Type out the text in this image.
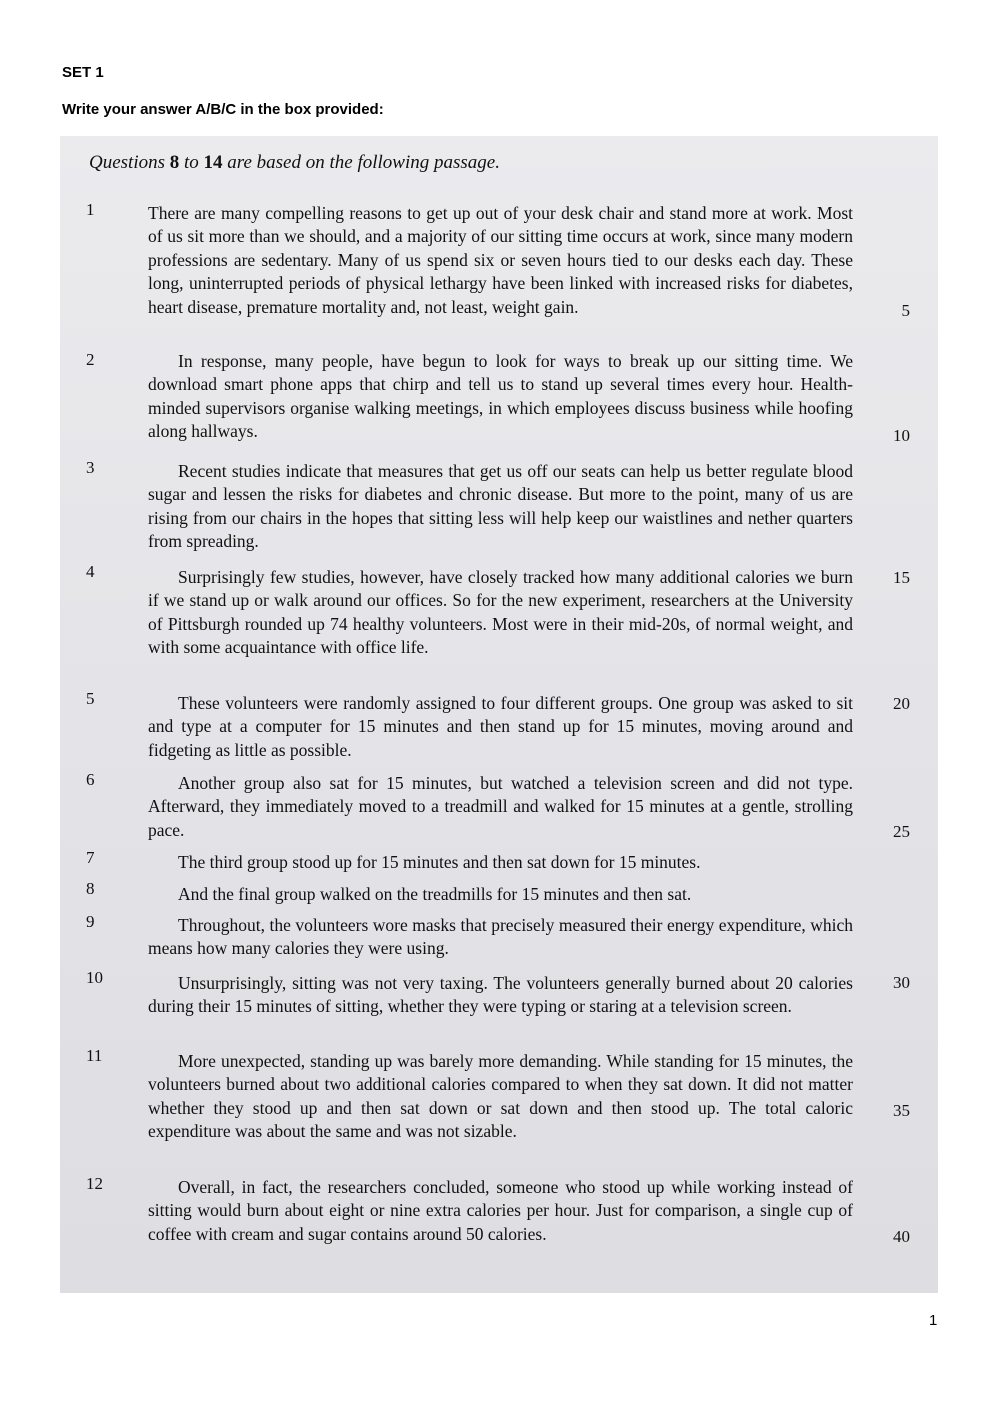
SET 1
Write your answer A/B/C in the box provided:
Questions 8 to 14 are based on the following passage.
1	There are many compelling reasons to get up out of your desk chair and stand more at work. Most of us sit more than we should, and a majority of our sitting time occurs at work, since many modern professions are sedentary. Many of us spend six or seven hours tied to our desks each day. These long, uninterrupted periods of physical lethargy have been linked with increased risks for diabetes, heart disease, premature mortality and, not least, weight gain.
2	In response, many people, have begun to look for ways to break up our sitting time. We download smart phone apps that chirp and tell us to stand up several times every hour. Health-minded supervisors organise walking meetings, in which employees discuss business while hoofing along hallways.
3	Recent studies indicate that measures that get us off our seats can help us better regulate blood sugar and lessen the risks for diabetes and chronic disease. But more to the point, many of us are rising from our chairs in the hopes that sitting less will help keep our waistlines and nether quarters from spreading.
4	Surprisingly few studies, however, have closely tracked how many additional calories we burn if we stand up or walk around our offices. So for the new experiment, researchers at the University of Pittsburgh rounded up 74 healthy volunteers. Most were in their mid-20s, of normal weight, and with some acquaintance with office life.
5	These volunteers were randomly assigned to four different groups. One group was asked to sit and type at a computer for 15 minutes and then stand up for 15 minutes, moving around and fidgeting as little as possible.
6	Another group also sat for 15 minutes, but watched a television screen and did not type. Afterward, they immediately moved to a treadmill and walked for 15 minutes at a gentle, strolling pace.
7	The third group stood up for 15 minutes and then sat down for 15 minutes.
8	And the final group walked on the treadmills for 15 minutes and then sat.
9	Throughout, the volunteers wore masks that precisely measured their energy expenditure, which means how many calories they were using.
10	Unsurprisingly, sitting was not very taxing. The volunteers generally burned about 20 calories during their 15 minutes of sitting, whether they were typing or staring at a television screen.
11	More unexpected, standing up was barely more demanding. While standing for 15 minutes, the volunteers burned about two additional calories compared to when they sat down. It did not matter whether they stood up and then sat down or sat down and then stood up. The total caloric expenditure was about the same and was not sizable.
12	Overall, in fact, the researchers concluded, someone who stood up while working instead of sitting would burn about eight or nine extra calories per hour. Just for comparison, a single cup of coffee with cream and sugar contains around 50 calories.
5
10
15
20
25
30
35
40
1
